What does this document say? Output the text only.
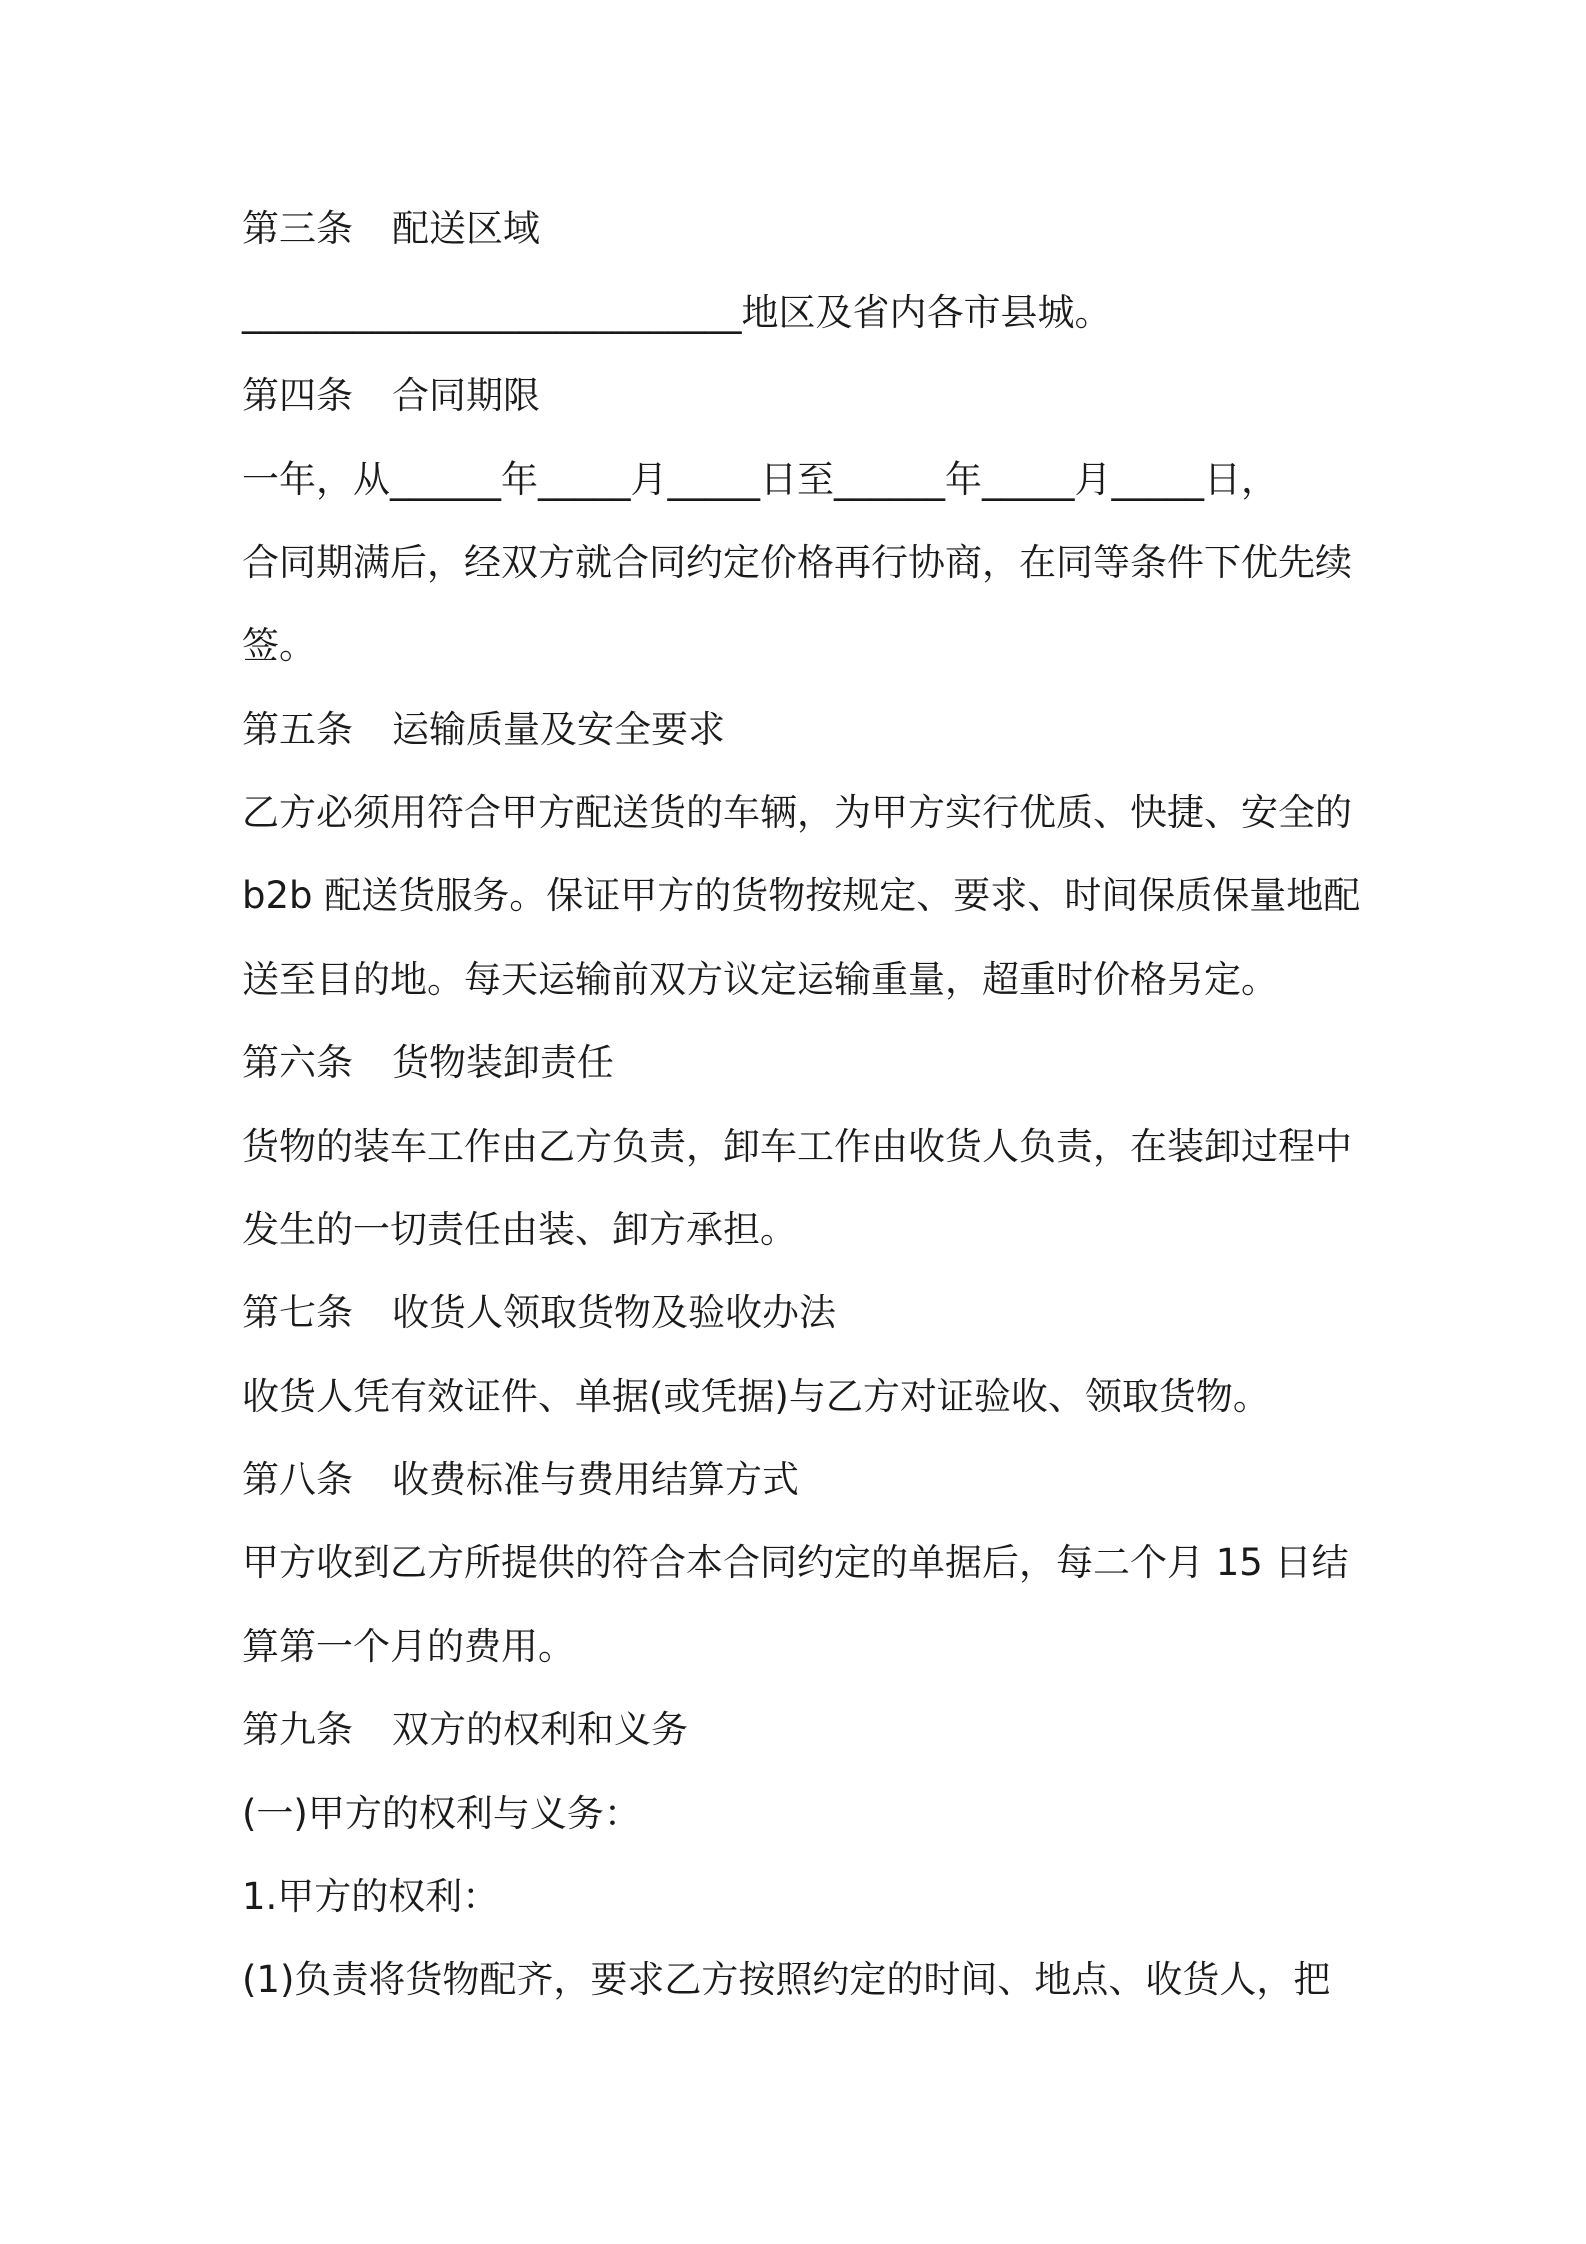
第三条 配送区域
___________________________地区及省内各市县城。
第四条 合同期限
一年，从______年_____月_____日至______年_____月_____日，
合同期满后，经双方就合同约定价格再行协商，在同等条件下优先续
签。
第五条 运输质量及安全要求
乙方必须用符合甲方配送货的车辆，为甲方实行优质、快捷、安全的
b2b 配送货服务。保证甲方的货物按规定、要求、时间保质保量地配
送至目的地。每天运输前双方议定运输重量，超重时价格另定。
第六条 货物装卸责任
货物的装车工作由乙方负责，卸车工作由收货人负责，在装卸过程中
发生的一切责任由装、卸方承担。
第七条 收货人领取货物及验收办法
收货人凭有效证件、单据(或凭据)与乙方对证验收、领取货物。
第八条 收费标准与费用结算方式
甲方收到乙方所提供的符合本合同约定的单据后，每二个月 15 日结
算第一个月的费用。
第九条 双方的权利和义务
(一)甲方的权利与义务：
1.甲方的权利：
(1)负责将货物配齐，要求乙方按照约定的时间、地点、收货人，把
